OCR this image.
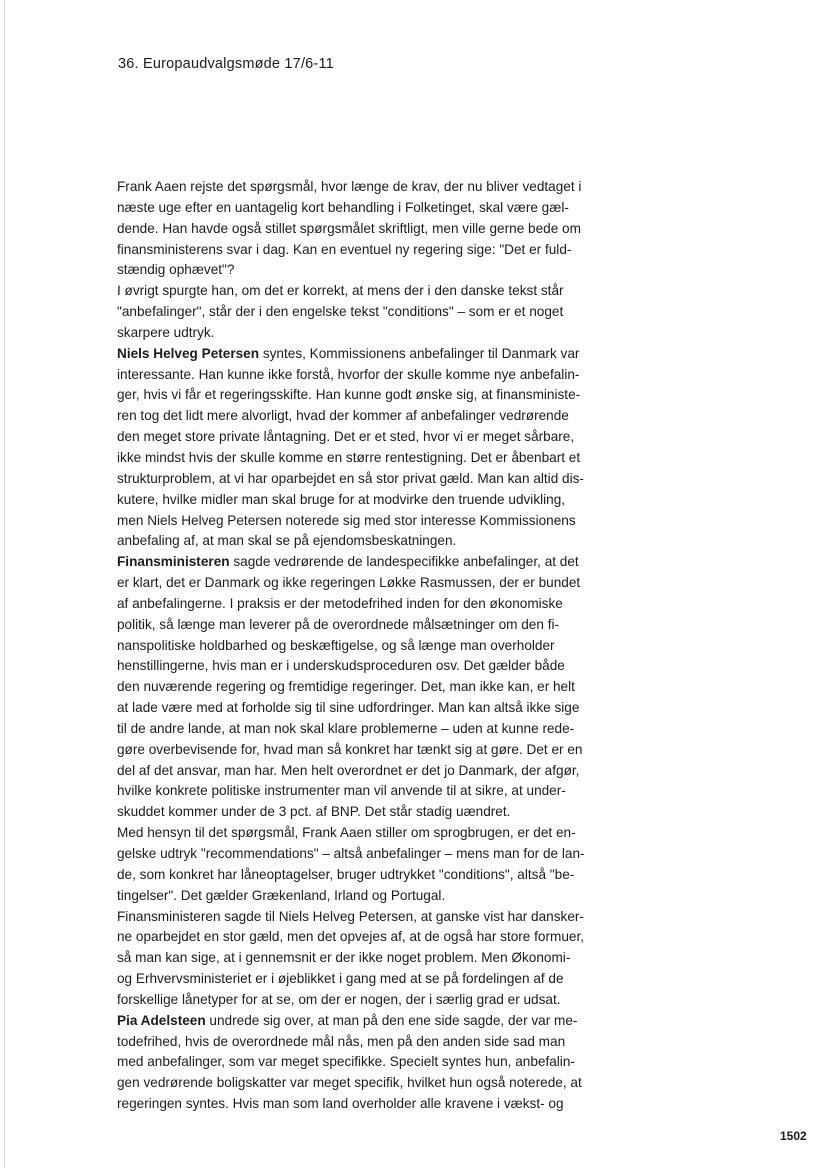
36. Europaudvalgsmøde 17/6-11
Frank Aaen rejste det spørgsmål, hvor længe de krav, der nu bliver vedtaget i
næste uge efter en uantagelig kort behandling i Folketinget, skal være gæl-
dende. Han havde også stillet spørgsmålet skriftligt, men ville gerne bede om
finansministerens svar i dag. Kan en eventuel ny regering sige: "Det er fuld-
stændig ophævet"?
I øvrigt spurgte han, om det er korrekt, at mens der i den danske tekst står
"anbefalinger", står der i den engelske tekst "conditions" – som er et noget
skarpere udtryk.
Niels Helveg Petersen syntes, Kommissionens anbefalinger til Danmark var
interessante. Han kunne ikke forstå, hvorfor der skulle komme nye anbefalin-
ger, hvis vi får et regeringsskifte. Han kunne godt ønske sig, at finansministe-
ren tog det lidt mere alvorligt, hvad der kommer af anbefalinger vedrørende
den meget store private låntagning. Det er et sted, hvor vi er meget sårbare,
ikke mindst hvis der skulle komme en større rentestigning. Det er åbenbart et
strukturproblem, at vi har oparbejdet en så stor privat gæld. Man kan altid dis-
kutere, hvilke midler man skal bruge for at modvirke den truende udvikling,
men Niels Helveg Petersen noterede sig med stor interesse Kommissionens
anbefaling af, at man skal se på ejendomsbeskatningen.
Finansministeren sagde vedrørende de landespecifikke anbefalinger, at det
er klart, det er Danmark og ikke regeringen Løkke Rasmussen, der er bundet
af anbefalingerne. I praksis er der metodefrihed inden for den økonomiske
politik, så længe man leverer på de overordnede målsætninger om den fi-
nanspolitiske holdbarhed og beskæftigelse, og så længe man overholder
henstillingerne, hvis man er i underskudsproceduren osv. Det gælder både
den nuværende regering og fremtidige regeringer. Det, man ikke kan, er helt
at lade være med at forholde sig til sine udfordringer. Man kan altså ikke sige
til de andre lande, at man nok skal klare problemerne – uden at kunne rede-
gøre overbevisende for, hvad man så konkret har tænkt sig at gøre. Det er en
del af det ansvar, man har. Men helt overordnet er det jo Danmark, der afgør,
hvilke konkrete politiske instrumenter man vil anvende til at sikre, at under-
skuddet kommer under de 3 pct. af BNP. Det står stadig uændret.
Med hensyn til det spørgsmål, Frank Aaen stiller om sprogbrugen, er det en-
gelske udtryk "recommendations" – altså anbefalinger – mens man for de lan-
de, som konkret har låneoptagelser, bruger udtrykket "conditions", altså "be-
tingelser". Det gælder Grækenland, Irland og Portugal.
Finansministeren sagde til Niels Helveg Petersen, at ganske vist har dansker-
ne oparbejdet en stor gæld, men det opvejes af, at de også har store formuer,
så man kan sige, at i gennemsnit er der ikke noget problem. Men Økonomi-
og Erhvervsministeriet er i øjeblikket i gang med at se på fordelingen af de
forskellige lånetyper for at se, om der er nogen, der i særlig grad er udsat.
Pia Adelsteen undrede sig over, at man på den ene side sagde, der var me-
todefrihed, hvis de overordnede mål nås, men på den anden side sad man
med anbefalinger, som var meget specifikke. Specielt syntes hun, anbefalin-
gen vedrørende boligskatter var meget specifik, hvilket hun også noterede, at
regeringen syntes. Hvis man som land overholder alle kravene i vækst- og
1502
